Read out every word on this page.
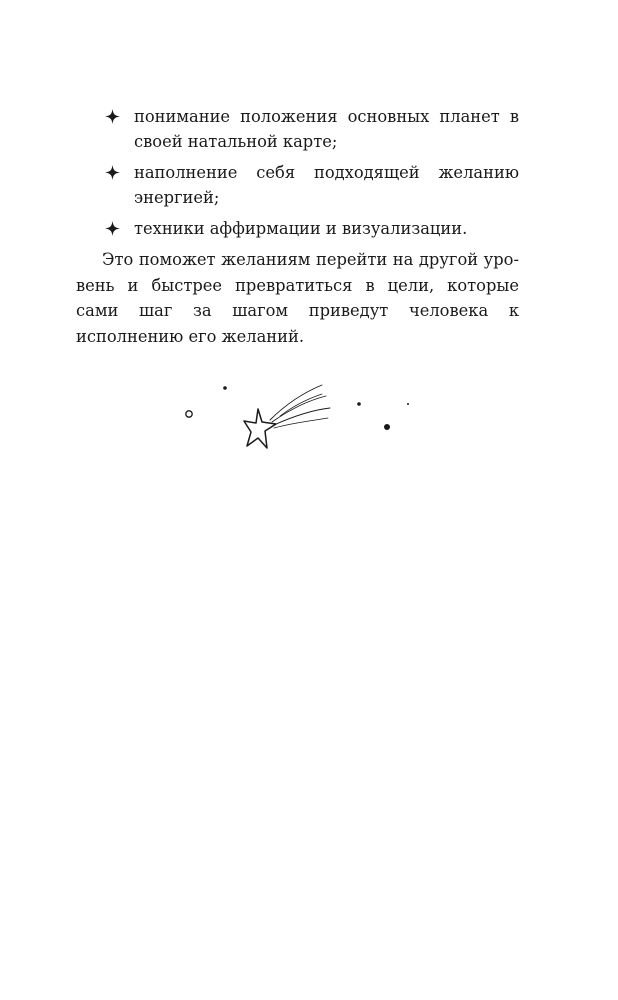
понимание положения основных планет в своей натальной карте;
наполнение себя подходящей желанию энергией;
техники аффирмации и визуализации.

Это поможет желаниям перейти на другой уровень и быстрее превратиться в цели, которые сами шаг за шагом приведут человека к исполнению его желаний.
